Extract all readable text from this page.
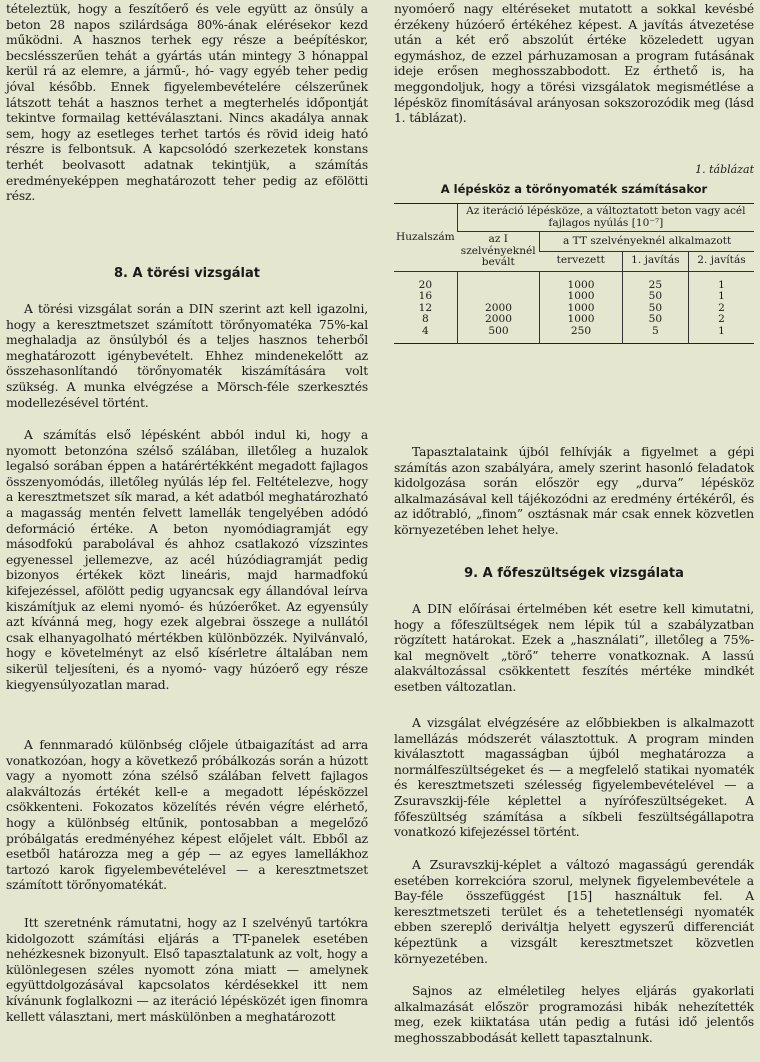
tételeztük, hogy a feszítőerő és vele együtt az önsúly a beton 28 napos szilárdsága 80%-ának elérésekor kezd működni. A hasznos terhek egy része a beépítéskor, becslésszerűen tehát a gyártás után mintegy 3 hónappal kerül rá az elemre, a jármű-, hó- vagy egyéb teher pedig jóval később. Ennek figyelembevételére célszerűnek látszott tehát a hasznos terhet a megterhelés időpontját tekintve formailag kettéválasztani. Nincs akadálya annak sem, hogy az esetleges terhet tartós és rövid ideig ható részre is felbontsuk. A kapcsolódó szerkezetek konstans terhét beolvasott adatnak tekintjük, a számítás eredményeképpen meghatározott teher pedig az efölötti rész.

8. A törési vizsgálat

A törési vizsgálat során a DIN szerint azt kell igazolni, hogy a keresztmetszet számított törőnyomatéka 75%-kal meghaladja az önsúlyból és a teljes hasznos teherből meghatározott igénybevételt. Ehhez mindenekelőtt az összehasonlítandó törőnyomaték kiszámítására volt szükség. A munka elvégzése a Mörsch-féle szerkesztés modellezésével történt.

A számítás első lépésként abból indul ki, hogy a nyomott betonzóna szélső szálában, illetőleg a huzalok legalsó sorában éppen a határértékként megadott fajlagos összenyomódás, illetőleg nyúlás lép fel. Feltételezve, hogy a keresztmetszet sík marad, a két adatból meghatározható a magasság mentén felvett lamellák tengelyében adódó deformáció értéke. A beton nyomódiagramját egy másodfokú parabolával és ahhoz csatlakozó vízszintes egyenessel jellemezve, az acél húzódiagramját pedig bizonyos értékek közt lineáris, majd harmadfokú kifejezéssel, afölött pedig ugyancsak egy állandóval leírva kiszámítjuk az elemi nyomó- és húzóerőket. Az egyensúly azt kívánná meg, hogy ezek algebrai összege a nullától csak elhanyagolható mértékben különbözzék. Nyilvánvaló, hogy e követelményt az első kísérletre általában nem sikerül teljesíteni, és a nyomó- vagy húzóerő egy része kiegyensúlyozatlan marad.

A fennmaradó különbség clőjele útbaigazítást ad arra vonatkozóan, hogy a következő próbálkozás során a húzott vagy a nyomott zóna szélső szálában felvett fajlagos alakváltozás értékét kell-e a megadott lépésközzel csökkenteni. Fokozatos közelítés révén végre elérhető, hogy a különbség eltűnik, pontosabban a megelőző próbálgatás eredményéhez képest előjelet vált. Ebből az esetből határozza meg a gép — az egyes lamellákhoz tartozó karok figyelembevételével — a keresztmetszet számított törőnyomatékát.

Itt szeretnénk rámutatni, hogy az I szelvényű tartókra kidolgozott számítási eljárás a TT-panelek esetében nehézkesnek bizonyult. Első tapasztalatunk az volt, hogy a különlegesen széles nyomott zóna miatt — amelynek együttdolgozásával kapcsolatos kérdésekkel itt nem kívánunk foglalkozni — az iteráció lépésközét igen finomra kellett választani, mert máskülönben a meghatározott

nyomóerő nagy eltéréseket mutatott a sokkal kevésbé érzékeny húzóerő értékéhez képest. A javítás átvezetése után a két erő abszolút értéke közeledett ugyan egymáshoz, de ezzel párhuzamosan a program futásának ideje erősen meghosszabbodott. Ez érthető is, ha meggondoljuk, hogy a törési vizsgálatok megismétlése a lépésköz finomításával arányosan sokszorozódik meg (lásd 1. táblázat).

1. táblázat
A lépésköz a törőnyomaték számításakor
Huzalszám	Az iteráció lépésköze, a változtatott beton vagy acél fajlagos nyúlás [10⁻⁷]			
	az I szelvényeknél bevált	a TT szelvényeknél alkalmazott		
		tervezett	1. javítás	2. javítás
20		1000	25	1
16		1000	50	1
12	2000	1000	50	2
8	2000	1000	50	2
4	500	250	5	1

Tapasztalataink újból felhívják a figyelmet a gépi számítás azon szabályára, amely szerint hasonló feladatok kidolgozása során először egy „durva” lépésköz alkalmazásával kell tájékozódni az eredmény értékéről, és az időtrabló, „finom” osztásnak már csak ennek közvetlen környezetében lehet helye.

9. A főfeszültségek vizsgálata

A DIN előírásai értelmében két esetre kell kimutatni, hogy a főfeszültségek nem lépik túl a szabályzatban rögzített határokat. Ezek a „használati”, illetőleg a 75%-kal megnövelt „törő” teherre vonatkoznak. A lassú alakváltozással csökkentett feszítés mértéke mindkét esetben változatlan.

A vizsgálat elvégzésére az előbbiekben is alkalmazott lamellázás módszerét választottuk. A program minden kiválasztott magasságban újból meghatározza a normálfeszültségeket és — a megfelelő statikai nyomaték és keresztmetszeti szélesség figyelembevételével — a Zsuravszkij-féle képlettel a nyírófeszültségeket. A főfeszültség számítása a síkbeli feszültségállapotra vonatkozó kifejezéssel történt.

A Zsuravszkij-képlet a változó magasságú gerendák esetében korrekcióra szorul, melynek figyelembevétele a Bay-féle összefüggést [15] használtuk fel. A keresztmetszeti terület és a tehetetlenségi nyomaték ebben szereplő deriváltja helyett egyszerű differenciát képeztünk a vizsgált keresztmetszet közvetlen környezetében.

Sajnos az elméletileg helyes eljárás gyakorlati alkalmazását először programozási hibák nehezítették meg, ezek kiiktatása után pedig a futási idő jelentős meghosszabbodását kellett tapasztalnunk.
